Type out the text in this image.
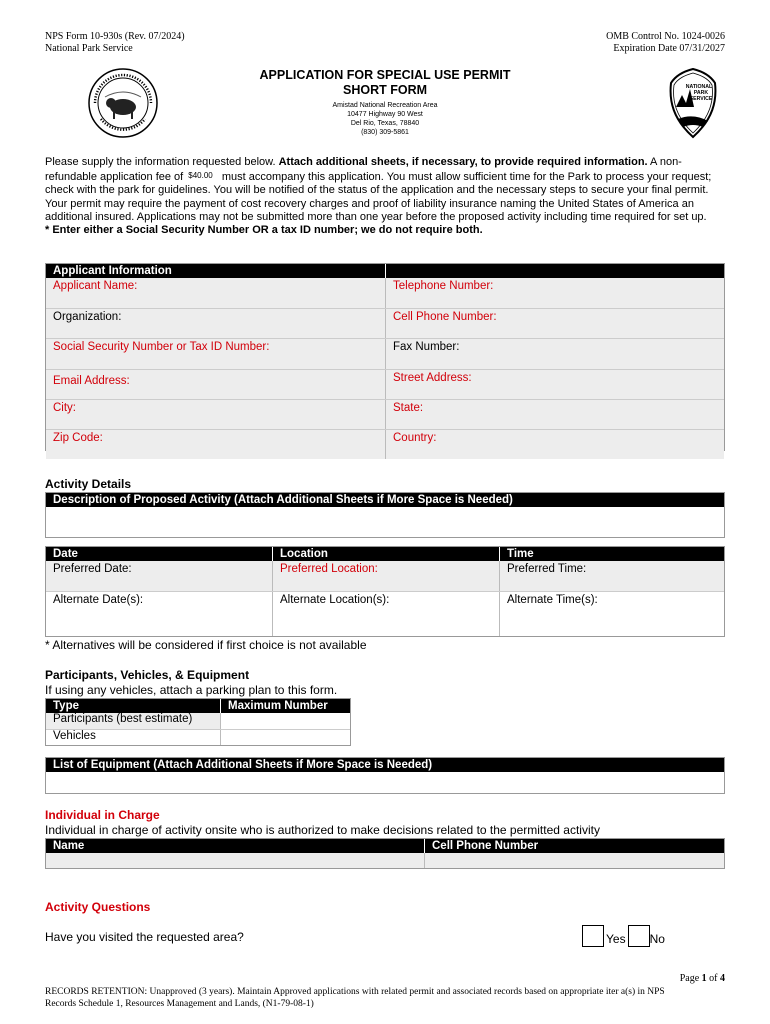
NPS Form 10-930s (Rev. 07/2024)
National Park Service
OMB Control No. 1024-0026
Expiration Date 07/31/2027
NATIONAL
PARK
SERVICE
APPLICATION FOR SPECIAL USE PERMIT
SHORT FORM
Amistad National Recreation Area
10477 Highway 90 West
Del Rio, Texas, 78840
(830) 309-5861
Please supply the information requested below. Attach additional sheets, if necessary, to provide required information. A non-refundable application fee of $40.00 must accompany this application. You must allow sufficient time for the Park to process your request; check with the park for guidelines. You will be notified of the status of the application and the necessary steps to secure your final permit. Your permit may require the payment of cost recovery charges and proof of liability insurance naming the United States of America an additional insured. Applications may not be submitted more than one year before the proposed activity including time required for set up.
* Enter either a Social Security Number OR a tax ID number; we do not require both.
Applicant Information
Applicant Name:	Telephone Number:
Organization:	Cell Phone Number:
Social Security Number or Tax ID Number:	Fax Number:
Email Address:	Street Address:
City:	State:
Zip Code:	Country:
Activity Details
Description of Proposed Activity (Attach Additional Sheets if More Space is Needed)
Date	Location	Time
Preferred Date:	Preferred Location:	Preferred Time:
Alternate Date(s):	Alternate Location(s):	Alternate Time(s):
* Alternatives will be considered if first choice is not available
Participants, Vehicles, & Equipment
If using any vehicles, attach a parking plan to this form.
Type	Maximum Number
Participants (best estimate)
Vehicles
List of Equipment (Attach Additional Sheets if More Space is Needed)
Individual in Charge
Individual in charge of activity onsite who is authorized to make decisions related to the permitted activity
Name	Cell Phone Number
Activity Questions
Have you visited the requested area?	Yes No
Page 1 of 4
RECORDS RETENTION: Unapproved (3 years). Maintain Approved applications with related permit and associated records based on appropriate iter a(s) in NPS
Records Schedule 1, Resources Management and Lands, (N1-79-08-1)
